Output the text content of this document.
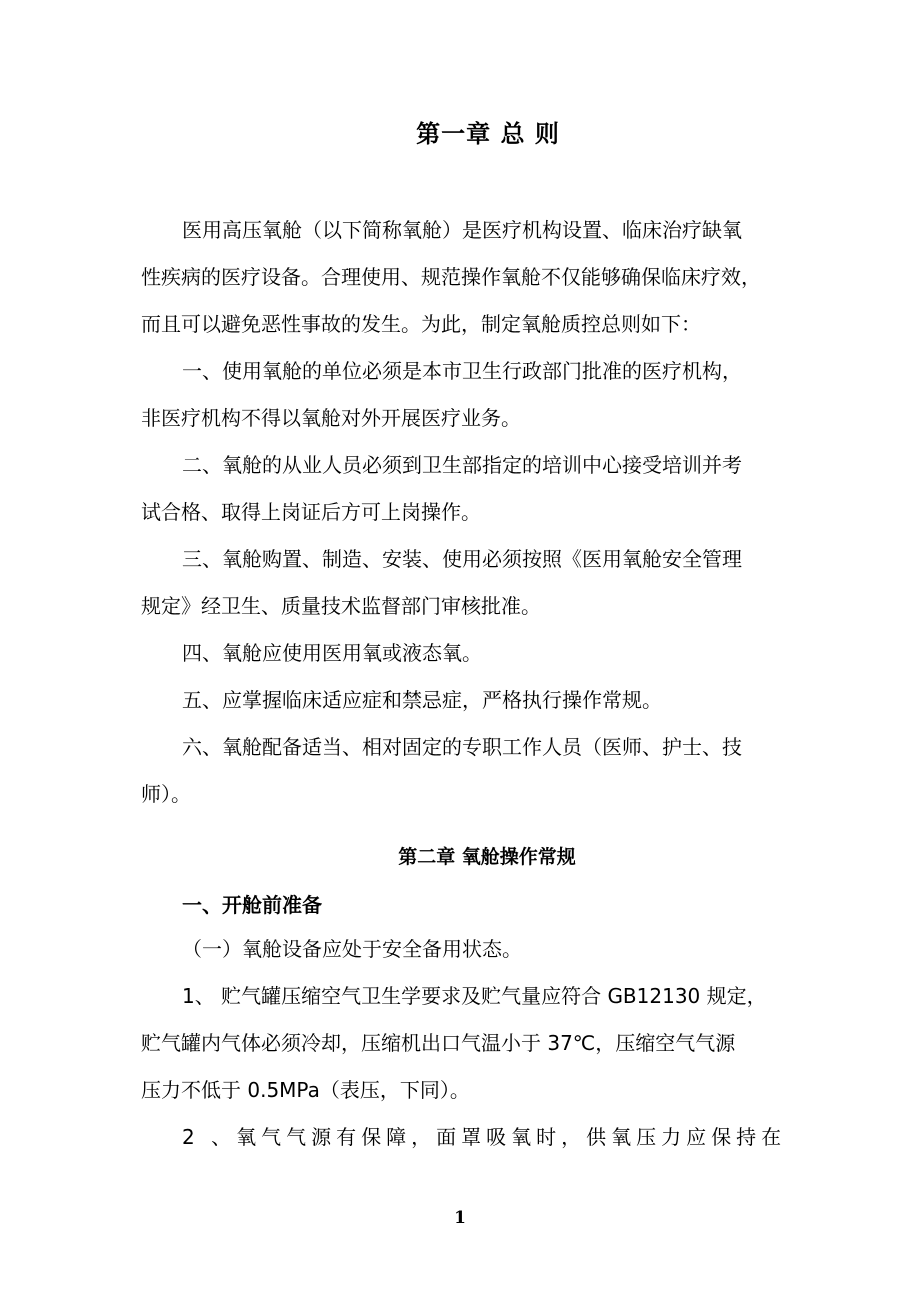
第一章 总 则
医用高压氧舱（以下简称氧舱）是医疗机构设置、临床治疗缺氧
性疾病的医疗设备。合理使用、规范操作氧舱不仅能够确保临床疗效，
而且可以避免恶性事故的发生。为此，制定氧舱质控总则如下：
一、使用氧舱的单位必须是本市卫生行政部门批准的医疗机构，
非医疗机构不得以氧舱对外开展医疗业务。
二、氧舱的从业人员必须到卫生部指定的培训中心接受培训并考
试合格、取得上岗证后方可上岗操作。
三、氧舱购置、制造、安装、使用必须按照《医用氧舱安全管理
规定》经卫生、质量技术监督部门审核批准。
四、氧舱应使用医用氧或液态氧。
五、应掌握临床适应症和禁忌症，严格执行操作常规。
六、氧舱配备适当、相对固定的专职工作人员（医师、护士、技
师）。
第二章 氧舱操作常规
一、开舱前准备
（一）氧舱设备应处于安全备用状态。
1、 贮气罐压缩空气卫生学要求及贮气量应符合 GB12130 规定，
贮气罐内气体必须冷却，压缩机出口气温小于 37℃，压缩空气气源
压力不低于 0.5MPa（表压，下同）。
2 、氧气气源有保障，面罩吸氧时，供氧压力应保持在
1
